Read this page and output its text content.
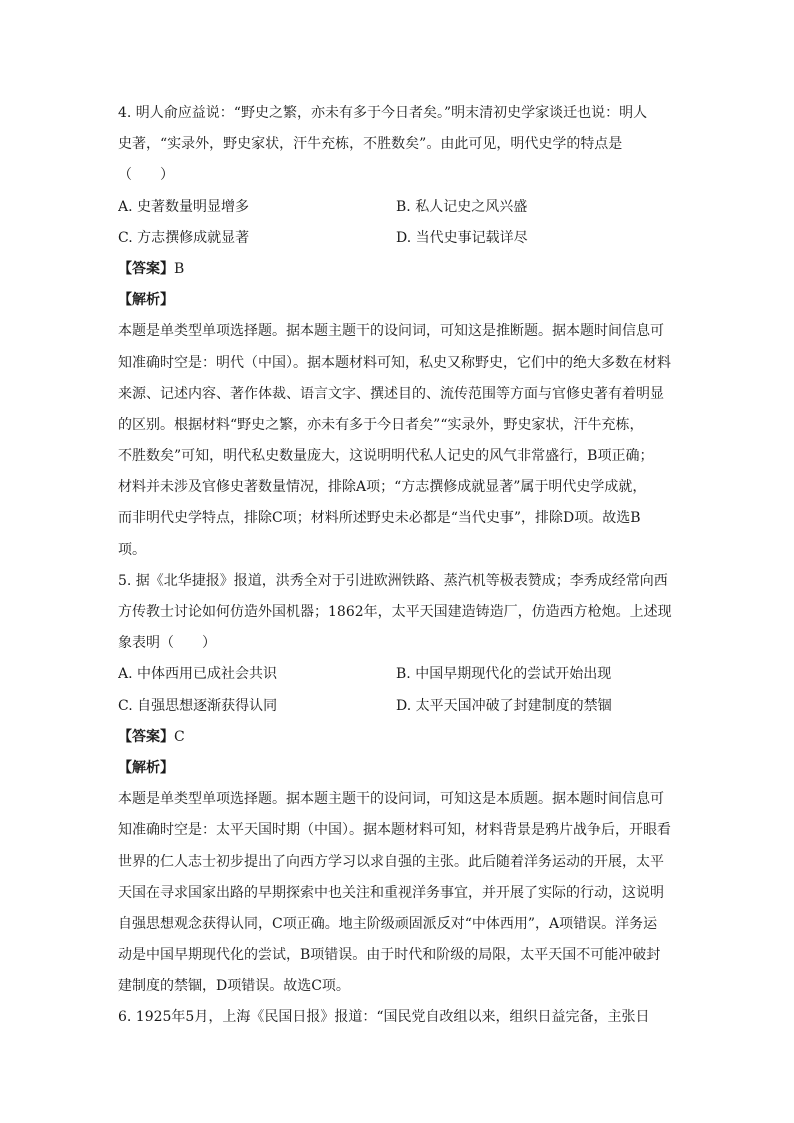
4. 明人俞应益说：“野史之繁，亦未有多于今日者矣。”明末清初史学家谈迁也说：明人
史著，“实录外，野史家状，汗牛充栋，不胜数矣”。由此可见，明代史学的特点是
（　　）
A. 史著数量明显增多	B. 私人记史之风兴盛
C. 方志撰修成就显著	D. 当代史事记载详尽
【答案】B
【解析】
本题是单类型单项选择题。据本题主题干的设问词，可知这是推断题。据本题时间信息可
知准确时空是：明代（中国）。据本题材料可知，私史又称野史，它们中的绝大多数在材料
来源、记述内容、著作体裁、语言文字、撰述目的、流传范围等方面与官修史著有着明显
的区别。根据材料“野史之繁，亦未有多于今日者矣”“实录外，野史家状，汗牛充栋，
不胜数矣”可知，明代私史数量庞大，这说明明代私人记史的风气非常盛行，B项正确；
材料并未涉及官修史著数量情况，排除A项；“方志撰修成就显著”属于明代史学成就，
而非明代史学特点，排除C项；材料所述野史未必都是“当代史事”，排除D项。故选B
项。
5. 据《北华捷报》报道，洪秀全对于引进欧洲铁路、蒸汽机等极表赞成；李秀成经常向西
方传教士讨论如何仿造外国机器；1862年，太平天国建造铸造厂，仿造西方枪炮。上述现
象表明（　　）
A. 中体西用已成社会共识	B. 中国早期现代化的尝试开始出现
C. 自强思想逐渐获得认同	D. 太平天国冲破了封建制度的禁锢
【答案】C
【解析】
本题是单类型单项选择题。据本题主题干的设问词，可知这是本质题。据本题时间信息可
知准确时空是：太平天国时期（中国）。据本题材料可知，材料背景是鸦片战争后，开眼看
世界的仁人志士初步提出了向西方学习以求自强的主张。此后随着洋务运动的开展，太平
天国在寻求国家出路的早期探索中也关注和重视洋务事宜，并开展了实际的行动，这说明
自强思想观念获得认同，C项正确。地主阶级顽固派反对“中体西用”，A项错误。洋务运
动是中国早期现代化的尝试，B项错误。由于时代和阶级的局限，太平天国不可能冲破封
建制度的禁锢，D项错误。故选C项。
6. 1925年5月，上海《民国日报》报道：“国民党自改组以来，组织日益完备，主张日
